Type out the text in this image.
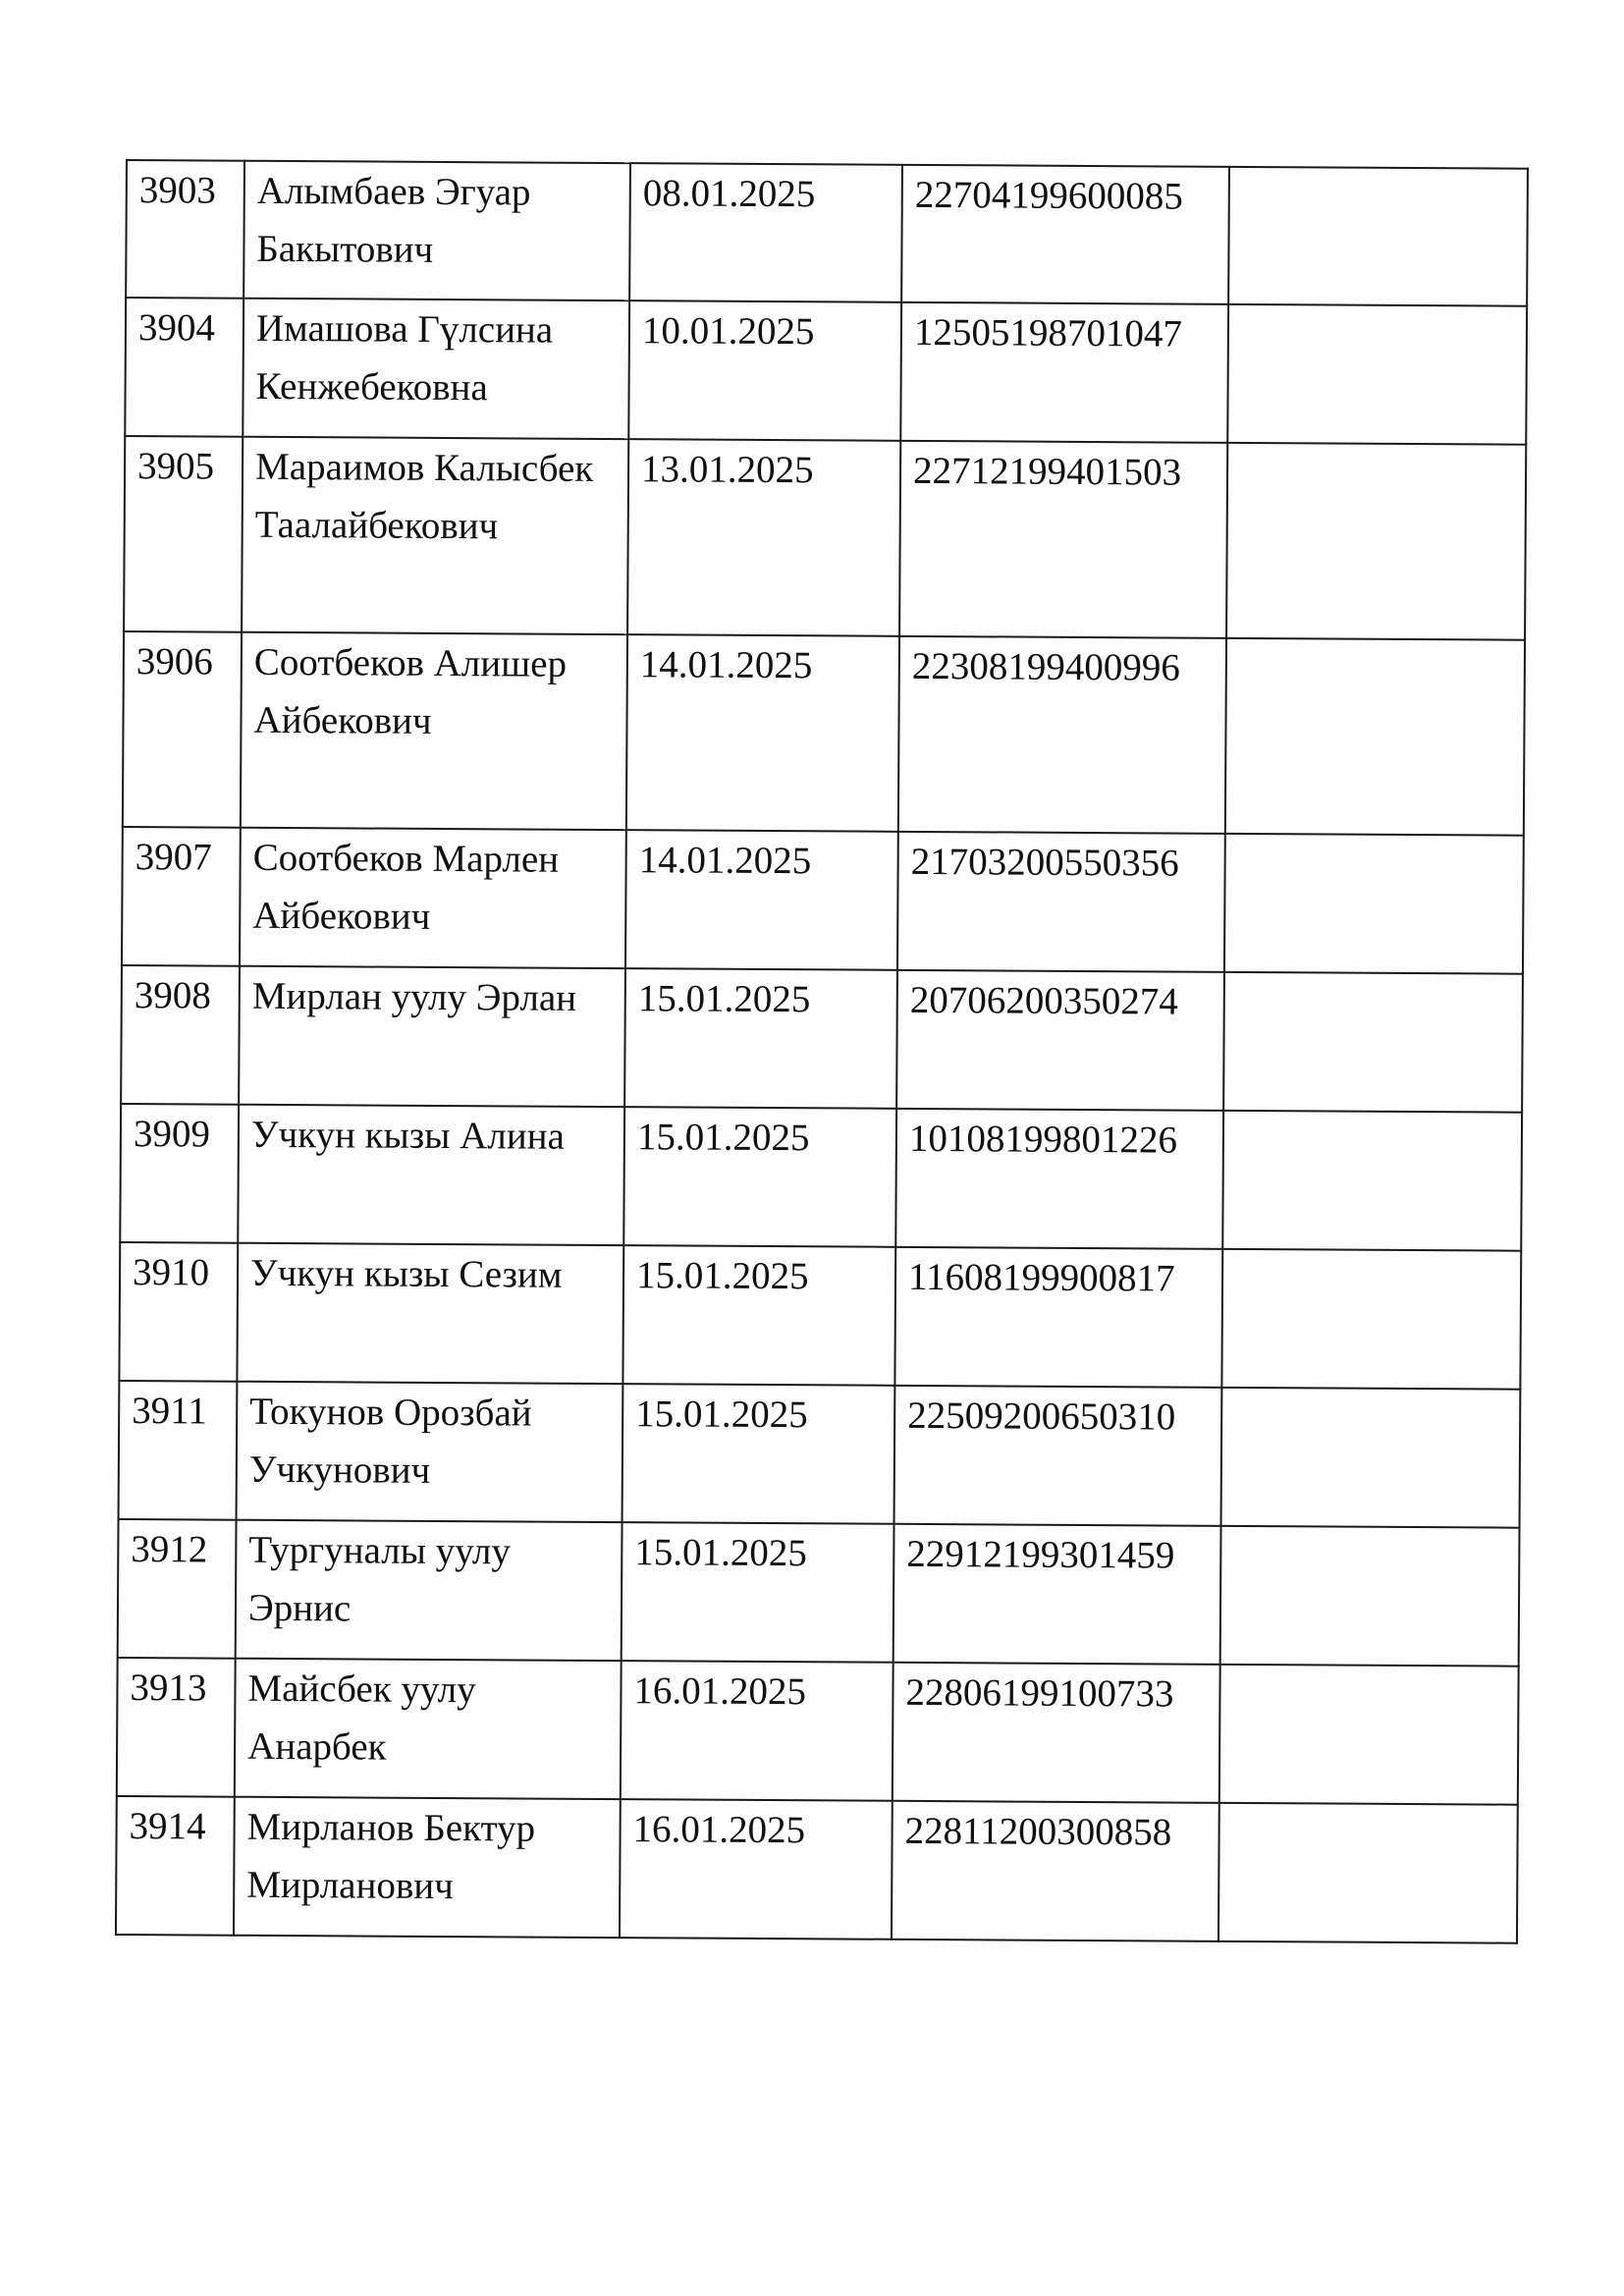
3903	Алымбаев Эгуар Бакытович	08.01.2025	22704199600085	
3904	Имашова Гүлсина Кенжебековна	10.01.2025	12505198701047	
3905	Мараимов Калысбек Таалайбекович	13.01.2025	22712199401503	
3906	Соотбеков Алишер Айбекович	14.01.2025	22308199400996	
3907	Соотбеков Марлен Айбекович	14.01.2025	21703200550356	
3908	Мирлан уулу Эрлан	15.01.2025	20706200350274	
3909	Учкун кызы Алина	15.01.2025	10108199801226	
3910	Учкун кызы Сезим	15.01.2025	11608199900817	
3911	Токунов Орозбай Учкунович	15.01.2025	22509200650310	
3912	Тургуналы уулу Эрнис	15.01.2025	22912199301459	
3913	Майсбек уулу Анарбек	16.01.2025	22806199100733	
3914	Мирланов Бектур Мирланович	16.01.2025	22811200300858	
